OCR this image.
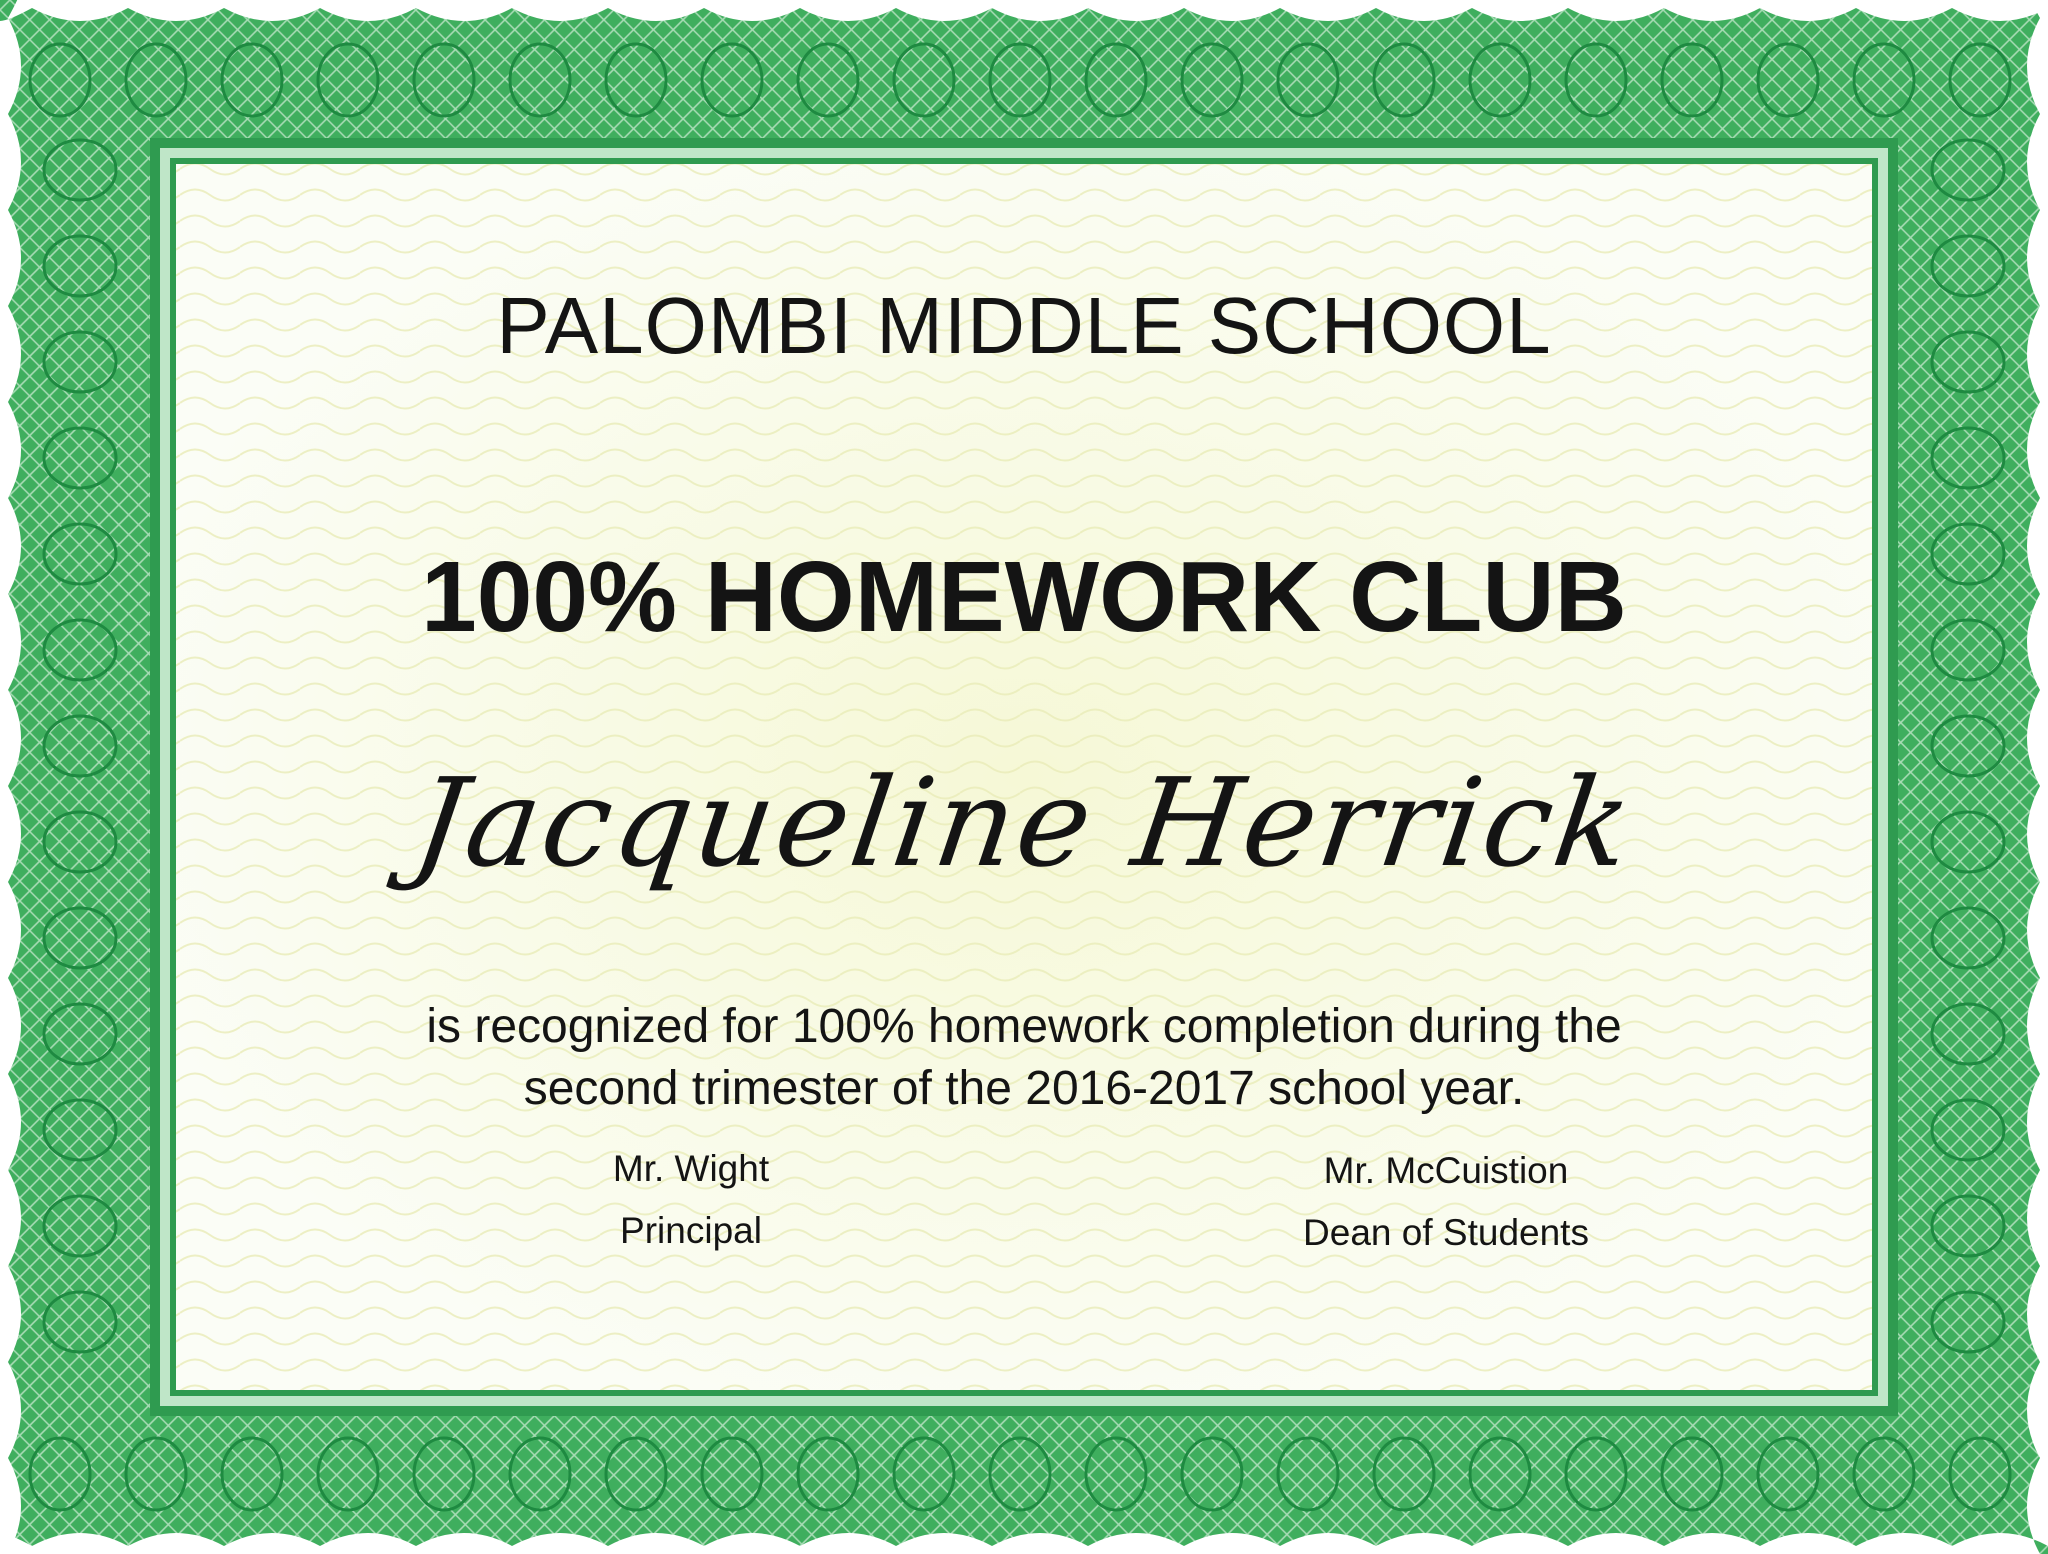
PALOMBI MIDDLE SCHOOL
100% HOMEWORK CLUB
Jacqueline Herrick
is recognized for 100% homework completion during the
second trimester of the 2016-2017 school year.
Mr. Wight
Principal
Mr. McCuistion
Dean of Students
